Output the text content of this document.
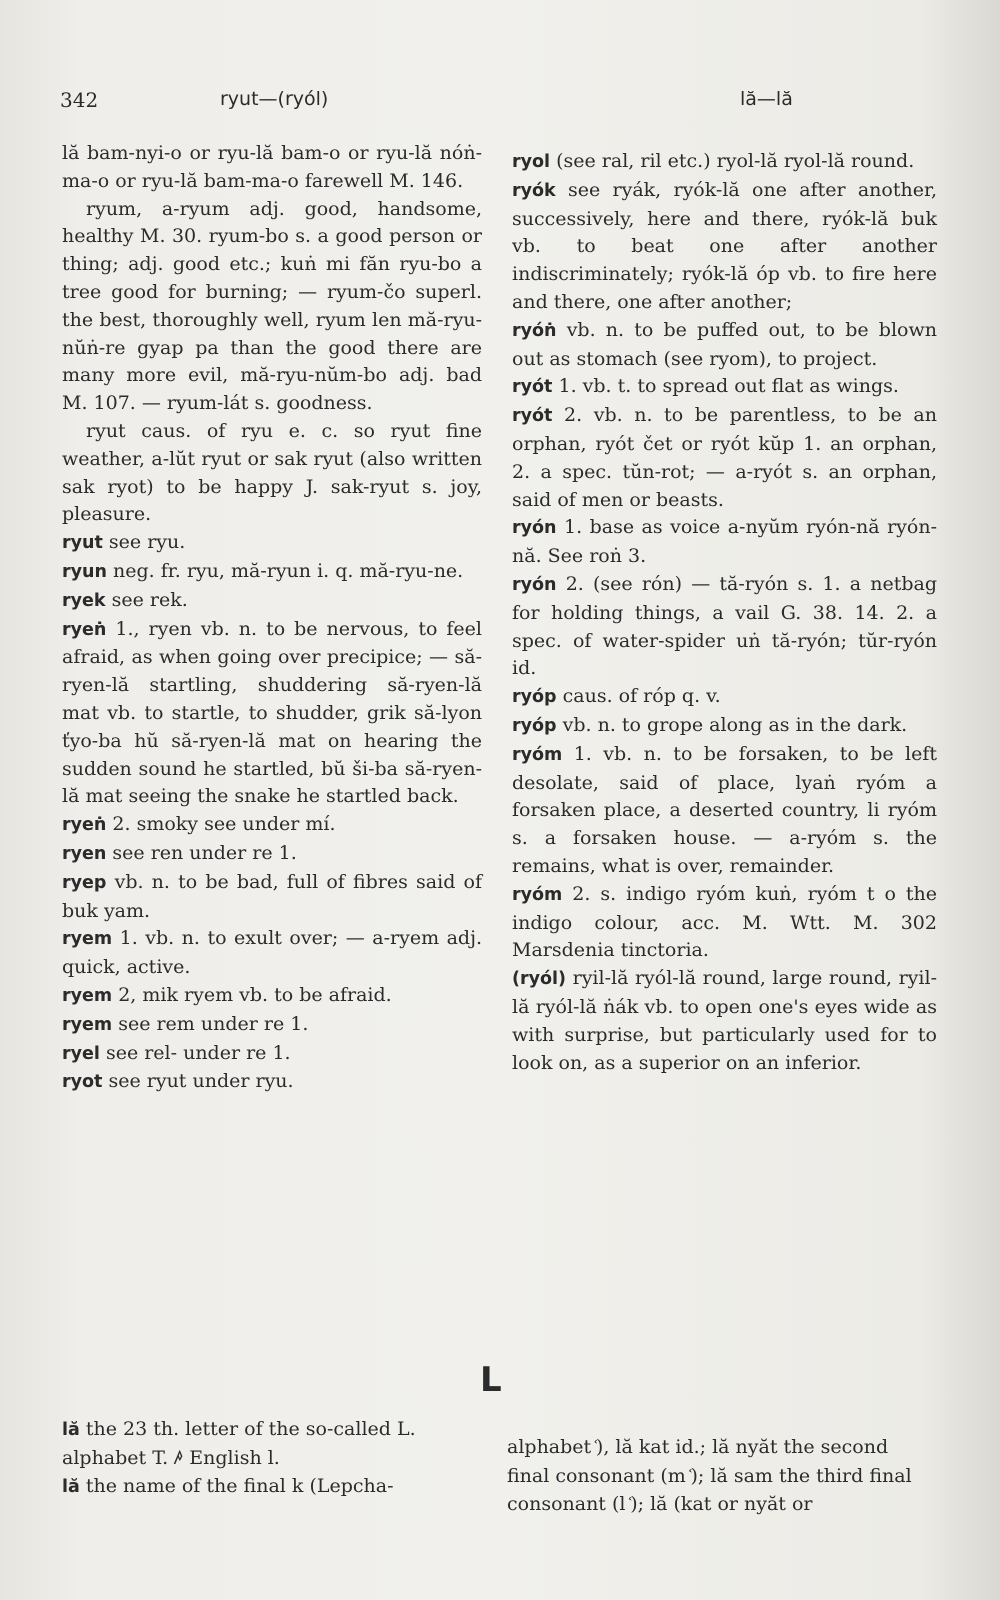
342	ryut—(ryól)	lă—lă

lă bam-nyi-o or ryu-lă bam-o or ryu-lă nóṅ-ma-o or ryu-lă bam-ma-o farewell M. 146.

ryum, a-ryum adj. good, handsome, healthy M. 30. ryum-bo s. a good person or thing; adj. good etc.; kuṅ mi făn ryu-bo a tree good for burning; — ryum-čo superl. the best, thoroughly well, ryum len mă-ryu-nŭṅ-re gyap pa than the good there are many more evil, mă-ryu-nŭm-bo adj. bad M. 107. — ryum-lát s. goodness.

ryut caus. of ryu e. c. so ryut fine weather, a-lŭt ryut or sak ryut (also written sak ryot) to be happy J. sak-ryut s. joy, pleasure.

ryut see ryu.

ryun neg. fr. ryu, mă-ryun i. q. mă-ryu-ne.

ryek see rek.

ryeṅ 1., ryen vb. n. to be nervous, to feel afraid, as when going over precipice; — să-ryen-lă startling, shuddering să-ryen-lă mat vb. to startle, to shudder, grik să-lyon ťyo-ba hŭ să-ryen-lă mat on hearing the sudden sound he startled, bŭ ši-ba să-ryen-lă mat seeing the snake he startled back.

ryeṅ 2. smoky see under mí.

ryen see ren under re 1.

ryep vb. n. to be bad, full of fibres said of buk yam.

ryem 1. vb. n. to exult over; — a-ryem adj. quick, active.

ryem 2, mik ryem vb. to be afraid.

ryem see rem under re 1.

ryel see rel- under re 1.

ryot see ryut under ryu.

ryol (see ral, ril etc.) ryol-lă ryol-lă round.

ryók see ryák, ryók-lă one after another, successively, here and there, ryók-lă buk vb. to beat one after another indiscriminately; ryók-lă óp vb. to fire here and there, one after another;

ryóṅ vb. n. to be puffed out, to be blown out as stomach (see ryom), to project.

ryót 1. vb. t. to spread out flat as wings.

ryót 2. vb. n. to be parentless, to be an orphan, ryót čet or ryót kŭp 1. an orphan, 2. a spec. tŭn-rot; — a-ryót s. an orphan, said of men or beasts.

ryón 1. base as voice a-nyŭm ryón-nă ryón-nă. See roṅ 3.

ryón 2. (see rón) — tă-ryón s. 1. a netbag for holding things, a vail G. 38. 14. 2. a spec. of water-spider uṅ tă-ryón; tŭr-ryón id.

ryóp caus. of róp q. v.

ryóp vb. n. to grope along as in the dark.

ryóm 1. vb. n. to be forsaken, to be left desolate, said of place, lyaṅ ryóm a forsaken place, a deserted country, li ryóm s. a forsaken house. — a-ryóm s. the remains, what is over, remainder.

ryóm 2. s. indigo ryóm kuṅ, ryóm t o the indigo colour, acc. M. Wtt. M. 302 Marsdenia tinctoria.

(ryól) ryil-lă ryól-lă round, large round, ryil-lă ryól-lă ṅák vb. to open one's eyes wide as with surprise, but particularly used for to look on, as a superior on an inferior.

L

lă the 23 th. letter of the so-called L. alphabet T. ꤳ English l.

lă the name of the final k (Lepcha-

alphabet ᷾), lă kat id.; lă nyăt the second final consonant (m ᷾); lă sam the third final consonant (l ᷾); lă (kat or nyăt or
